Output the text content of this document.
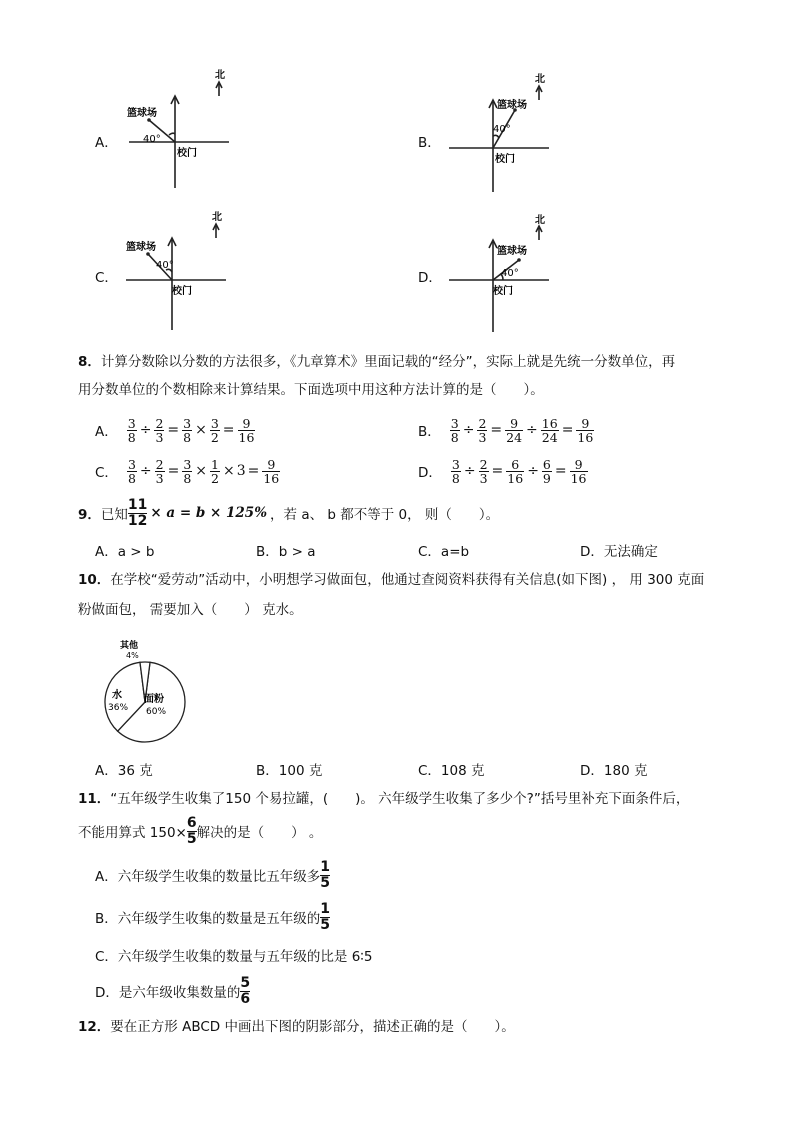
A．
北
篮球场
40°
校门
B．
北
篮球场
40°
校门
C．
北
篮球场
40°
校门
D．
北
篮球场
40°
校门
8．计算分数除以分数的方法很多，《九章算术》里面记载的“经分”，实际上就是先统一分数单位，再
用分数单位的个数相除来计算结果。下面选项中用这种方法计算的是（　　）。
A． $\frac{3}{8} \div \frac{2}{3} = \frac{3}{8} \times \frac{3}{2} = \frac{9}{16}$	B． $\frac{3}{8} \div \frac{2}{3} = \frac{9}{24} \div \frac{16}{24} = \frac{9}{16}$
C． $\frac{3}{8} \div \frac{2}{3} = \frac{3}{8} \times \frac{1}{2} \times 3 = \frac{9}{16}$	D． $\frac{3}{8} \div \frac{2}{3} = \frac{6}{16} \div \frac{6}{9} = \frac{9}{16}$
9． 已知 $\frac{11}{12} \times a = b \times 125\%$ ，若 a、 b 都不等于 0， 则（　　）。
A．a > b	B．b > a	C．a=b	D．无法确定
10．在学校“爱劳动”活动中，小明想学习做面包，他通过查阅资料获得有关信息(如下图) ， 用 300 克面
粉做面包， 需要加入（　　） 克水。
其他
4%
水
36%
面粉
60%
A．36 克	B．100 克	C．108 克	D．180 克
11．“五年级学生收集了150 个易拉罐，(　　)。 六年级学生收集了多少个?”括号里补充下面条件后，
不能用算式 $150\times \frac{6}{5}$ 解决的是（　　） 。
A．六年级学生收集的数量比五年级多
1
5
B．六年级学生收集的数量是五年级的
1
5
C．六年级学生收集的数量与五年级的比是 6∶5
D．是六年级收集数量的
5
6
12．要在正方形 ABCD 中画出下图的阴影部分，描述正确的是（　　）。
